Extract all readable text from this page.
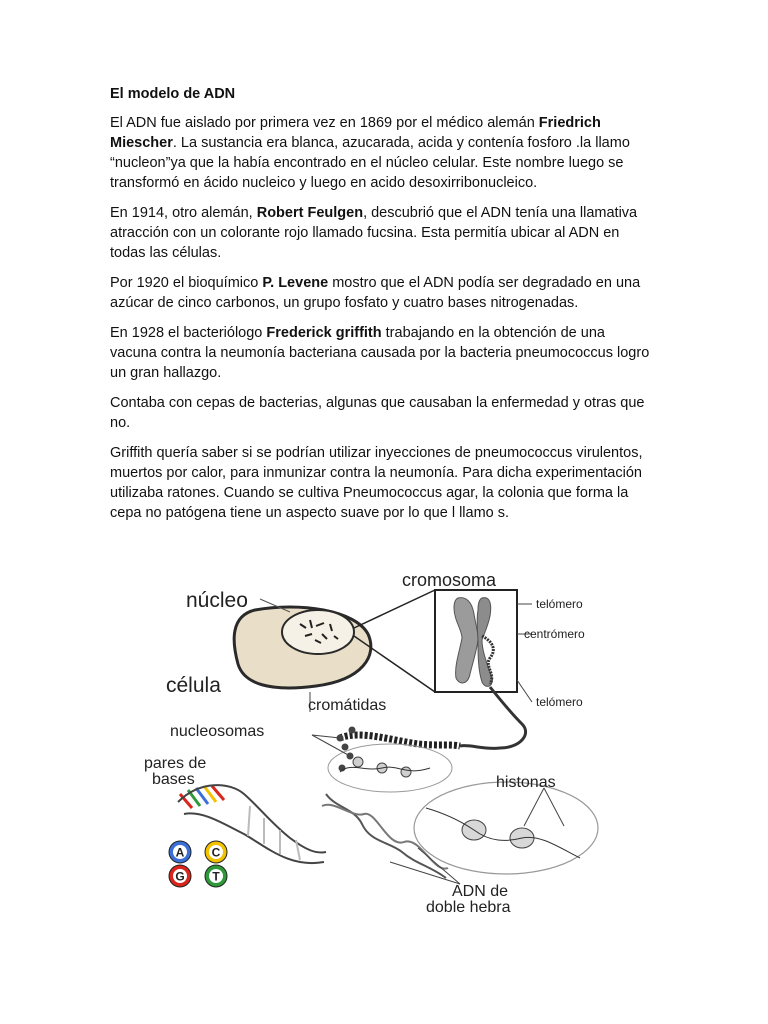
El modelo de ADN

El ADN fue aislado por primera vez en 1869 por el médico alemán Friedrich Miescher. La sustancia era blanca, azucarada, acida y contenía fosforo .la llamo “nucleon”ya que la había encontrado en el núcleo celular. Este nombre luego se transformó en ácido nucleico y luego en acido desoxirribonucleico.

En 1914, otro alemán, Robert Feulgen, descubrió que el ADN tenía una llamativa atracción con un colorante rojo llamado fucsina. Esta permitía ubicar al ADN en todas las células.

Por 1920 el bioquímico P. Levene mostro que el ADN podía ser degradado en una azúcar de cinco carbonos, un grupo fosfato y cuatro bases nitrogenadas.

En 1928 el bacteriólogo Frederick griffith trabajando en la obtención de una vacuna contra la neumonía bacteriana causada por la bacteria pneumococcus logro un gran hallazgo.

Contaba con cepas de bacterias, algunas que causaban la enfermedad y otras que no.

Griffith quería saber si se podrían utilizar inyecciones de pneumococcus virulentos, muertos por calor, para inmunizar contra la neumonía. Para dicha experimentación utilizaba ratones. Cuando se cultiva Pneumococcus agar, la colonia que forma la cepa no patógena tiene un aspecto suave por lo que l llamo s.

núcleo
célula
cromosoma
telómero
centrómero
telómero
cromátidas
nucleosomas
pares de
bases	histonas
ADN de
doble hebra
A C
G T
